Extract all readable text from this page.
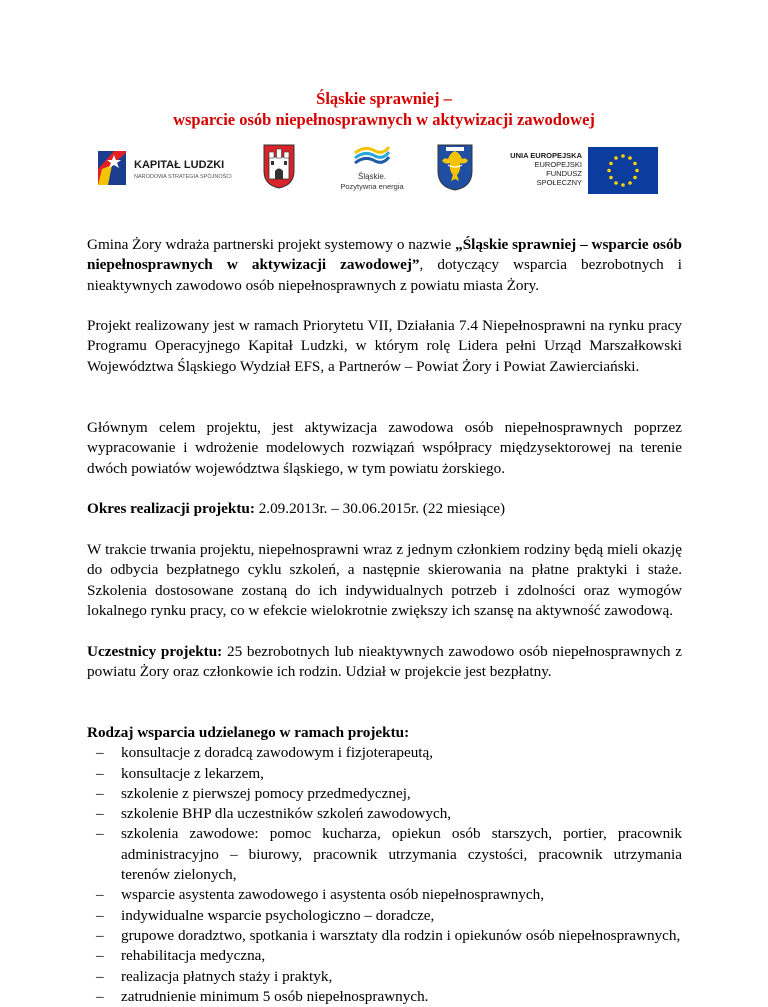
Śląskie sprawniej –
wsparcie osób niepełnosprawnych w aktywizacji zawodowej
KAPITAŁ LUDZKI
NARODOWA STRATEGIA SPÓJNOŚCI	Śląskie.
Pozytywna energia
UNIA EUROPEJSKA
EUROPEJSKI
FUNDUSZ SPOŁECZNY

Gmina Żory wdraża partnerski projekt systemowy o nazwie „Śląskie sprawniej – wsparcie osób niepełnosprawnych w aktywizacji zawodowej”, dotyczący wsparcia bezrobotnych i nieaktywnych zawodowo osób niepełnosprawnych z powiatu miasta Żory.

Projekt realizowany jest w ramach Priorytetu VII, Działania 7.4 Niepełnosprawni na rynku pracy Programu Operacyjnego Kapitał Ludzki, w którym rolę Lidera pełni Urząd Marszałkowski Województwa Śląskiego Wydział EFS, a Partnerów – Powiat Żory i Powiat Zawierciański.

Głównym celem projektu, jest aktywizacja zawodowa osób niepełnosprawnych poprzez wypracowanie i wdrożenie modelowych rozwiązań współpracy międzysektorowej na terenie dwóch powiatów województwa śląskiego, w tym powiatu żorskiego.

Okres realizacji projektu: 2.09.2013r. – 30.06.2015r. (22 miesiące)

W trakcie trwania projektu, niepełnosprawni wraz z jednym członkiem rodziny będą mieli okazję do odbycia bezpłatnego cyklu szkoleń, a następnie skierowania na płatne praktyki i staże. Szkolenia dostosowane zostaną do ich indywidualnych potrzeb i zdolności oraz wymogów lokalnego rynku pracy, co w efekcie wielokrotnie zwiększy ich szansę na aktywność zawodową.

Uczestnicy projektu: 25 bezrobotnych lub nieaktywnych zawodowo osób niepełnosprawnych z powiatu Żory oraz członkowie ich rodzin. Udział w projekcie jest bezpłatny.

Rodzaj wsparcia udzielanego w ramach projektu:

– konsultacje z doradcą zawodowym i fizjoterapeutą,
– konsultacje z lekarzem,
– szkolenie z pierwszej pomocy przedmedycznej,
– szkolenie BHP dla uczestników szkoleń zawodowych,
– szkolenia zawodowe: pomoc kucharza, opiekun osób starszych, portier, pracownik administracyjno – biurowy, pracownik utrzymania czystości, pracownik utrzymania terenów zielonych,
– wsparcie asystenta zawodowego i asystenta osób niepełnosprawnych,
– indywidualne wsparcie psychologiczno – doradcze,
– grupowe doradztwo, spotkania i warsztaty dla rodzin i opiekunów osób niepełnosprawnych,
– rehabilitacja medyczna,
– realizacja płatnych staży i praktyk,
– zatrudnienie minimum 5 osób niepełnosprawnych.
